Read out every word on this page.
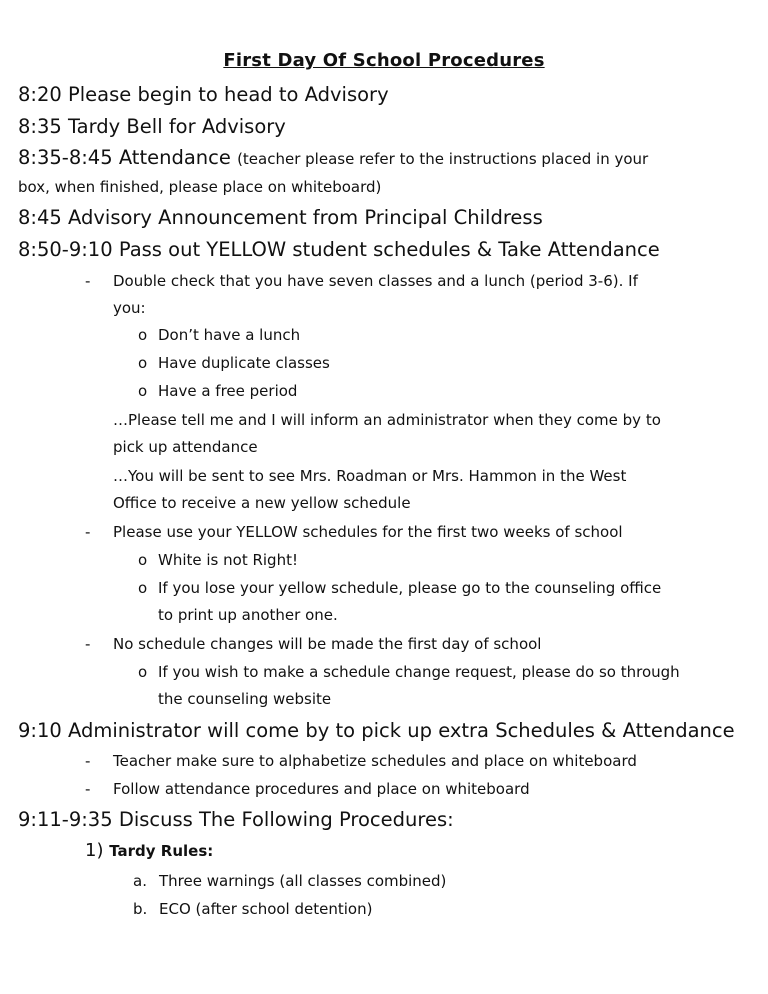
First Day Of School Procedures
8:20 Please begin to head to Advisory
8:35 Tardy Bell for Advisory
8:35-8:45 Attendance (teacher please refer to the instructions placed in your
box, when finished, please place on whiteboard)
8:45 Advisory Announcement from Principal Childress
8:50-9:10 Pass out YELLOW student schedules & Take Attendance
- Double check that you have seven classes and a lunch (period 3-6). If
you:
o Don’t have a lunch
o Have duplicate classes
o Have a free period
…Please tell me and I will inform an administrator when they come by to
pick up attendance
…You will be sent to see Mrs. Roadman or Mrs. Hammon in the West
Office to receive a new yellow schedule
- Please use your YELLOW schedules for the first two weeks of school
o White is not Right!
o If you lose your yellow schedule, please go to the counseling office
to print up another one.
- No schedule changes will be made the first day of school
o If you wish to make a schedule change request, please do so through
the counseling website
9:10 Administrator will come by to pick up extra Schedules & Attendance
- Teacher make sure to alphabetize schedules and place on whiteboard
- Follow attendance procedures and place on whiteboard
9:11-9:35 Discuss The Following Procedures:
1) Tardy Rules:
a. Three warnings (all classes combined)
b. ECO (after school detention)
